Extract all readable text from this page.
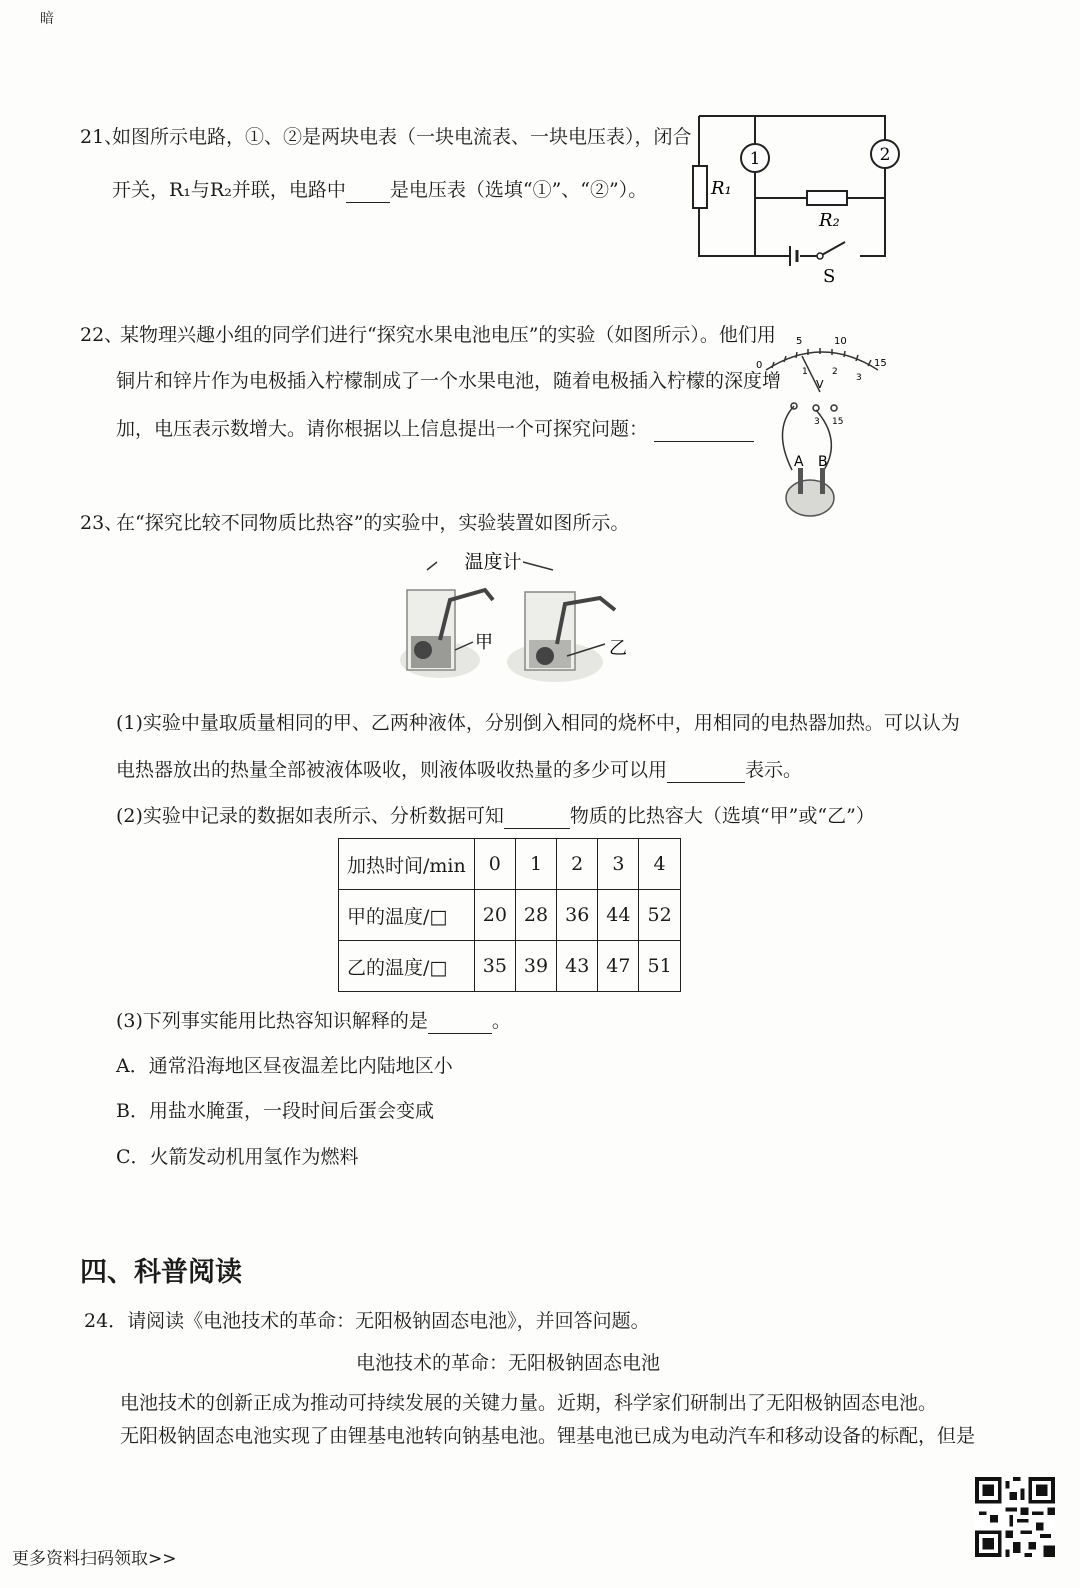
暗
21、
如图所示电路，①、②是两块电表（一块电流表、一块电压表），闭合
开关，R₁与R₂并联，电路中 是电压表（选填“①”、“②”）。
1	2
R₁
R₂
S
22、
某物理兴趣小组的同学们进行“探究水果电池电压”的实验（如图所示）。他们用
铜片和锌片作为电极插入柠檬制成了一个水果电池，随着电极插入柠檬的深度增
加，电压表示数增大。请你根据以上信息提出一个可探究问题：
5	10
0	15
1	2
3
V
3 15
A B
23、
在“探究比较不同物质比热容”的实验中，实验装置如图所示。
温度计
甲	乙
(1)实验中量取质量相同的甲、乙两种液体，分别倒入相同的烧杯中，用相同的电热器加热。可以认为
电热器放出的热量全部被液体吸收，则液体吸收热量的多少可以用	表示。
(2)实验中记录的数据如表所示、分析数据可知	物质的比热容大（选填“甲”或“乙”）
加热时间/min	0	1	2	3	4
甲的温度/□	20	28	36	44	52
乙的温度/□	35	39	43	47	51
(3)下列事实能用比热容知识解释的是	。
A．通常沿海地区昼夜温差比内陆地区小
B．用盐水腌蛋，一段时间后蛋会变咸
C．火箭发动机用氢作为燃料
四、科普阅读
24．请阅读《电池技术的革命：无阳极钠固态电池》，并回答问题。
电池技术的革命：无阳极钠固态电池
电池技术的创新正成为推动可持续发展的关键力量。近期，科学家们研制出了无阳极钠固态电池。
无阳极钠固态电池实现了由锂基电池转向钠基电池。锂基电池已成为电动汽车和移动设备的标配，但是
更多资料扫码领取>>
